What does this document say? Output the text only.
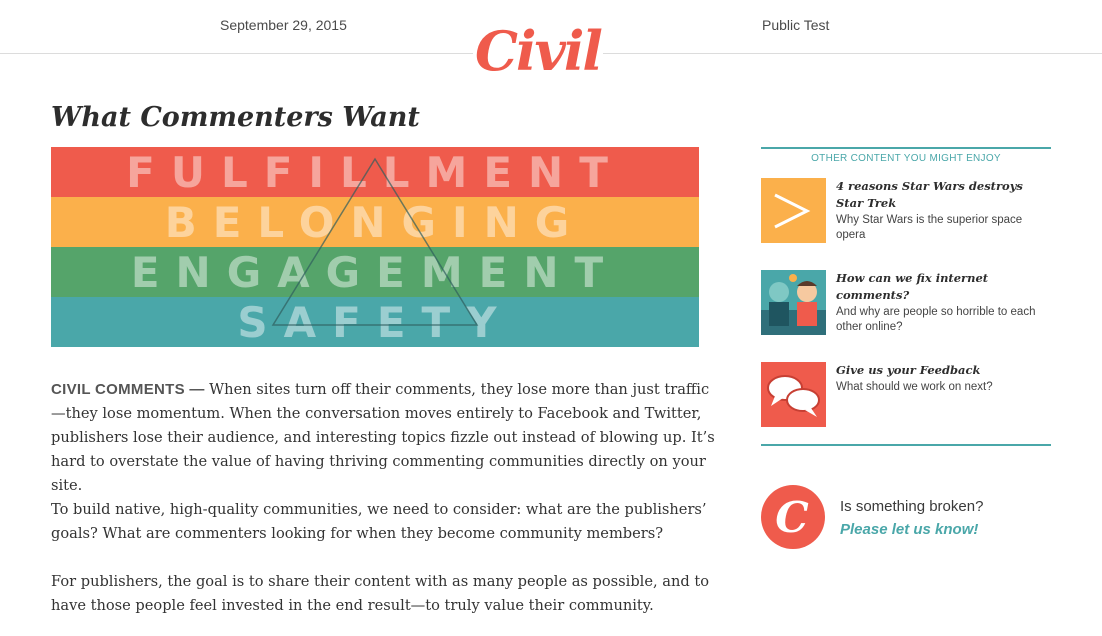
September 29, 2015 Civil	Public Test
What Commenters Want
FULFILLMENT
BELONGING
ENGAGEMENT
SAFETY

CIVIL COMMENTS — When sites turn off their comments, they lose more than just traffic—they lose momentum. When the conversation moves entirely to Facebook and Twitter, publishers lose their audience, and interesting topics fizzle out instead of blowing up. It’s hard to overstate the value of having thriving commenting communities directly on your site.

To build native, high-quality communities, we need to consider: what are the publishers’ goals? What are commenters looking for when they become community members?

For publishers, the goal is to share their content with as many people as possible, and to have those people feel invested in the end result—to truly value their community.

OTHER CONTENT YOU MIGHT ENJOY
4 reasons Star Wars destroys Star Trek
Why Star Wars is the superior space opera
How can we fix internet comments?
And why are people so horrible to each other online?
Give us your Feedback
What should we work on next?
C Is something broken?
Please let us know!
